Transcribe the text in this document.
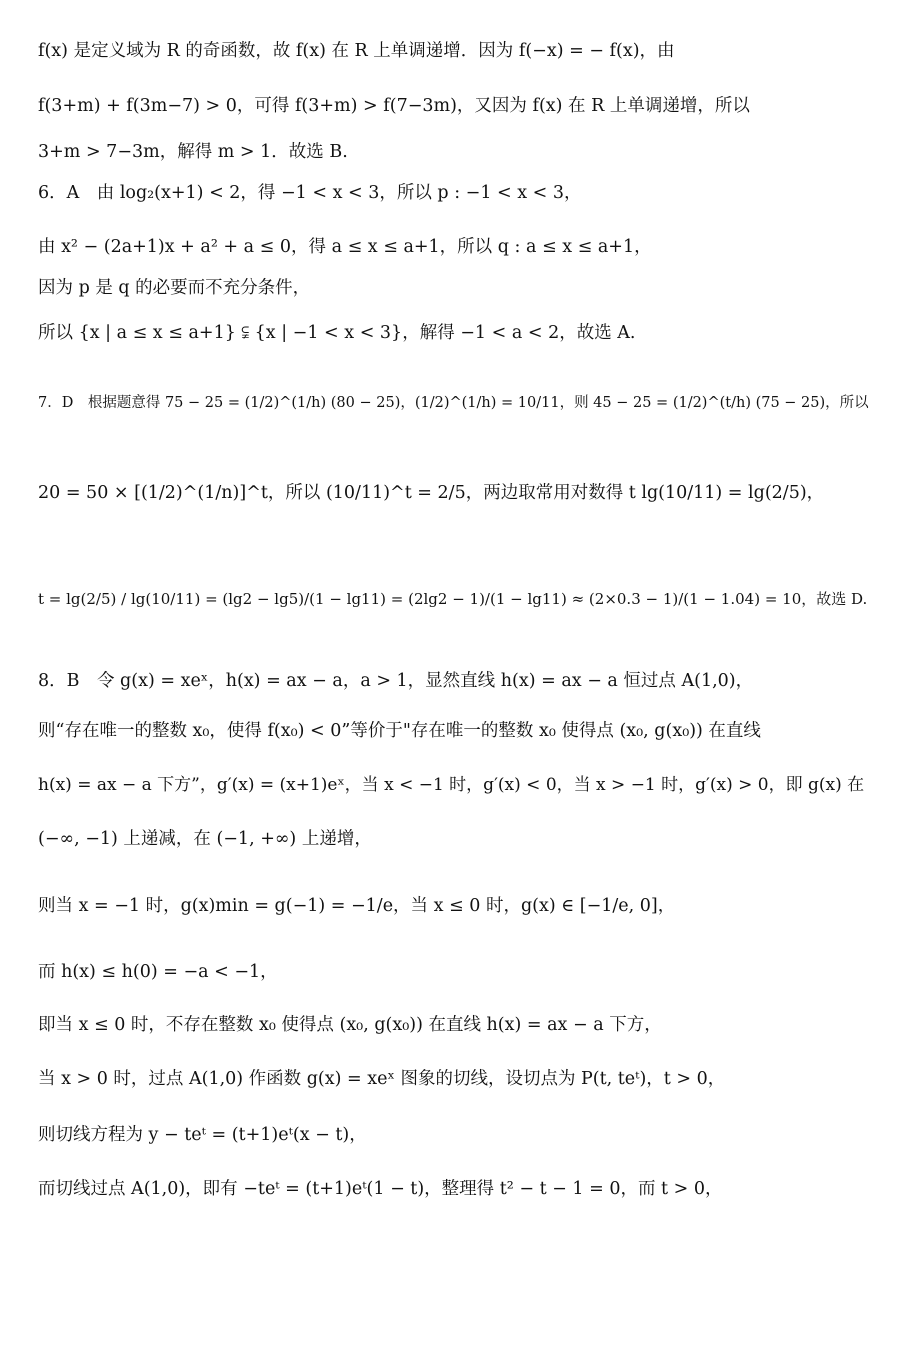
f(x) 是定义域为 R 的奇函数，故 f(x) 在 R 上单调递增．因为 f(−x) = − f(x)，由
f(3+m) + f(3m−7) > 0，可得 f(3+m) > f(7−3m)，又因为 f(x) 在 R 上单调递增，所以
3+m > 7−3m，解得 m > 1．故选 B.
6．A　由 log₂(x+1) < 2，得 −1 < x < 3，所以 p : −1 < x < 3，
由 x² − (2a+1)x + a² + a ≤ 0，得 a ≤ x ≤ a+1，所以 q : a ≤ x ≤ a+1，
因为 p 是 q 的必要而不充分条件，
所以 {x | a ≤ x ≤ a+1} ⫋ {x | −1 < x < 3}，解得 −1 < a < 2，故选 A.
7．D　根据题意得 75 − 25 = (1/2)^(1/h) (80 − 25)，(1/2)^(1/h) = 10/11，则 45 − 25 = (1/2)^(t/h) (75 − 25)，所以
20 = 50 × [(1/2)^(1/n)]^t，所以 (10/11)^t = 2/5，两边取常用对数得 t lg(10/11) = lg(2/5)，
t = lg(2/5) / lg(10/11) = (lg2 − lg5)/(1 − lg11) = (2lg2 − 1)/(1 − lg11) ≈ (2×0.3 − 1)/(1 − 1.04) = 10，故选 D.
8．B　令 g(x) = xeˣ，h(x) = ax − a，a > 1，显然直线 h(x) = ax − a 恒过点 A(1,0)，
则“存在唯一的整数 x₀，使得 f(x₀) < 0”等价于"存在唯一的整数 x₀ 使得点 (x₀, g(x₀)) 在直线
h(x) = ax − a 下方”，g′(x) = (x+1)eˣ，当 x < −1 时，g′(x) < 0，当 x > −1 时，g′(x) > 0，即 g(x) 在
(−∞, −1) 上递减，在 (−1, +∞) 上递增，
则当 x = −1 时，g(x)min = g(−1) = −1/e，当 x ≤ 0 时，g(x) ∈ [−1/e, 0]，
而 h(x) ≤ h(0) = −a < −1，
即当 x ≤ 0 时，不存在整数 x₀ 使得点 (x₀, g(x₀)) 在直线 h(x) = ax − a 下方，
当 x > 0 时，过点 A(1,0) 作函数 g(x) = xeˣ 图象的切线，设切点为 P(t, teᵗ)，t > 0，
则切线方程为 y − teᵗ = (t+1)eᵗ(x − t)，
而切线过点 A(1,0)，即有 −teᵗ = (t+1)eᵗ(1 − t)，整理得 t² − t − 1 = 0，而 t > 0，
